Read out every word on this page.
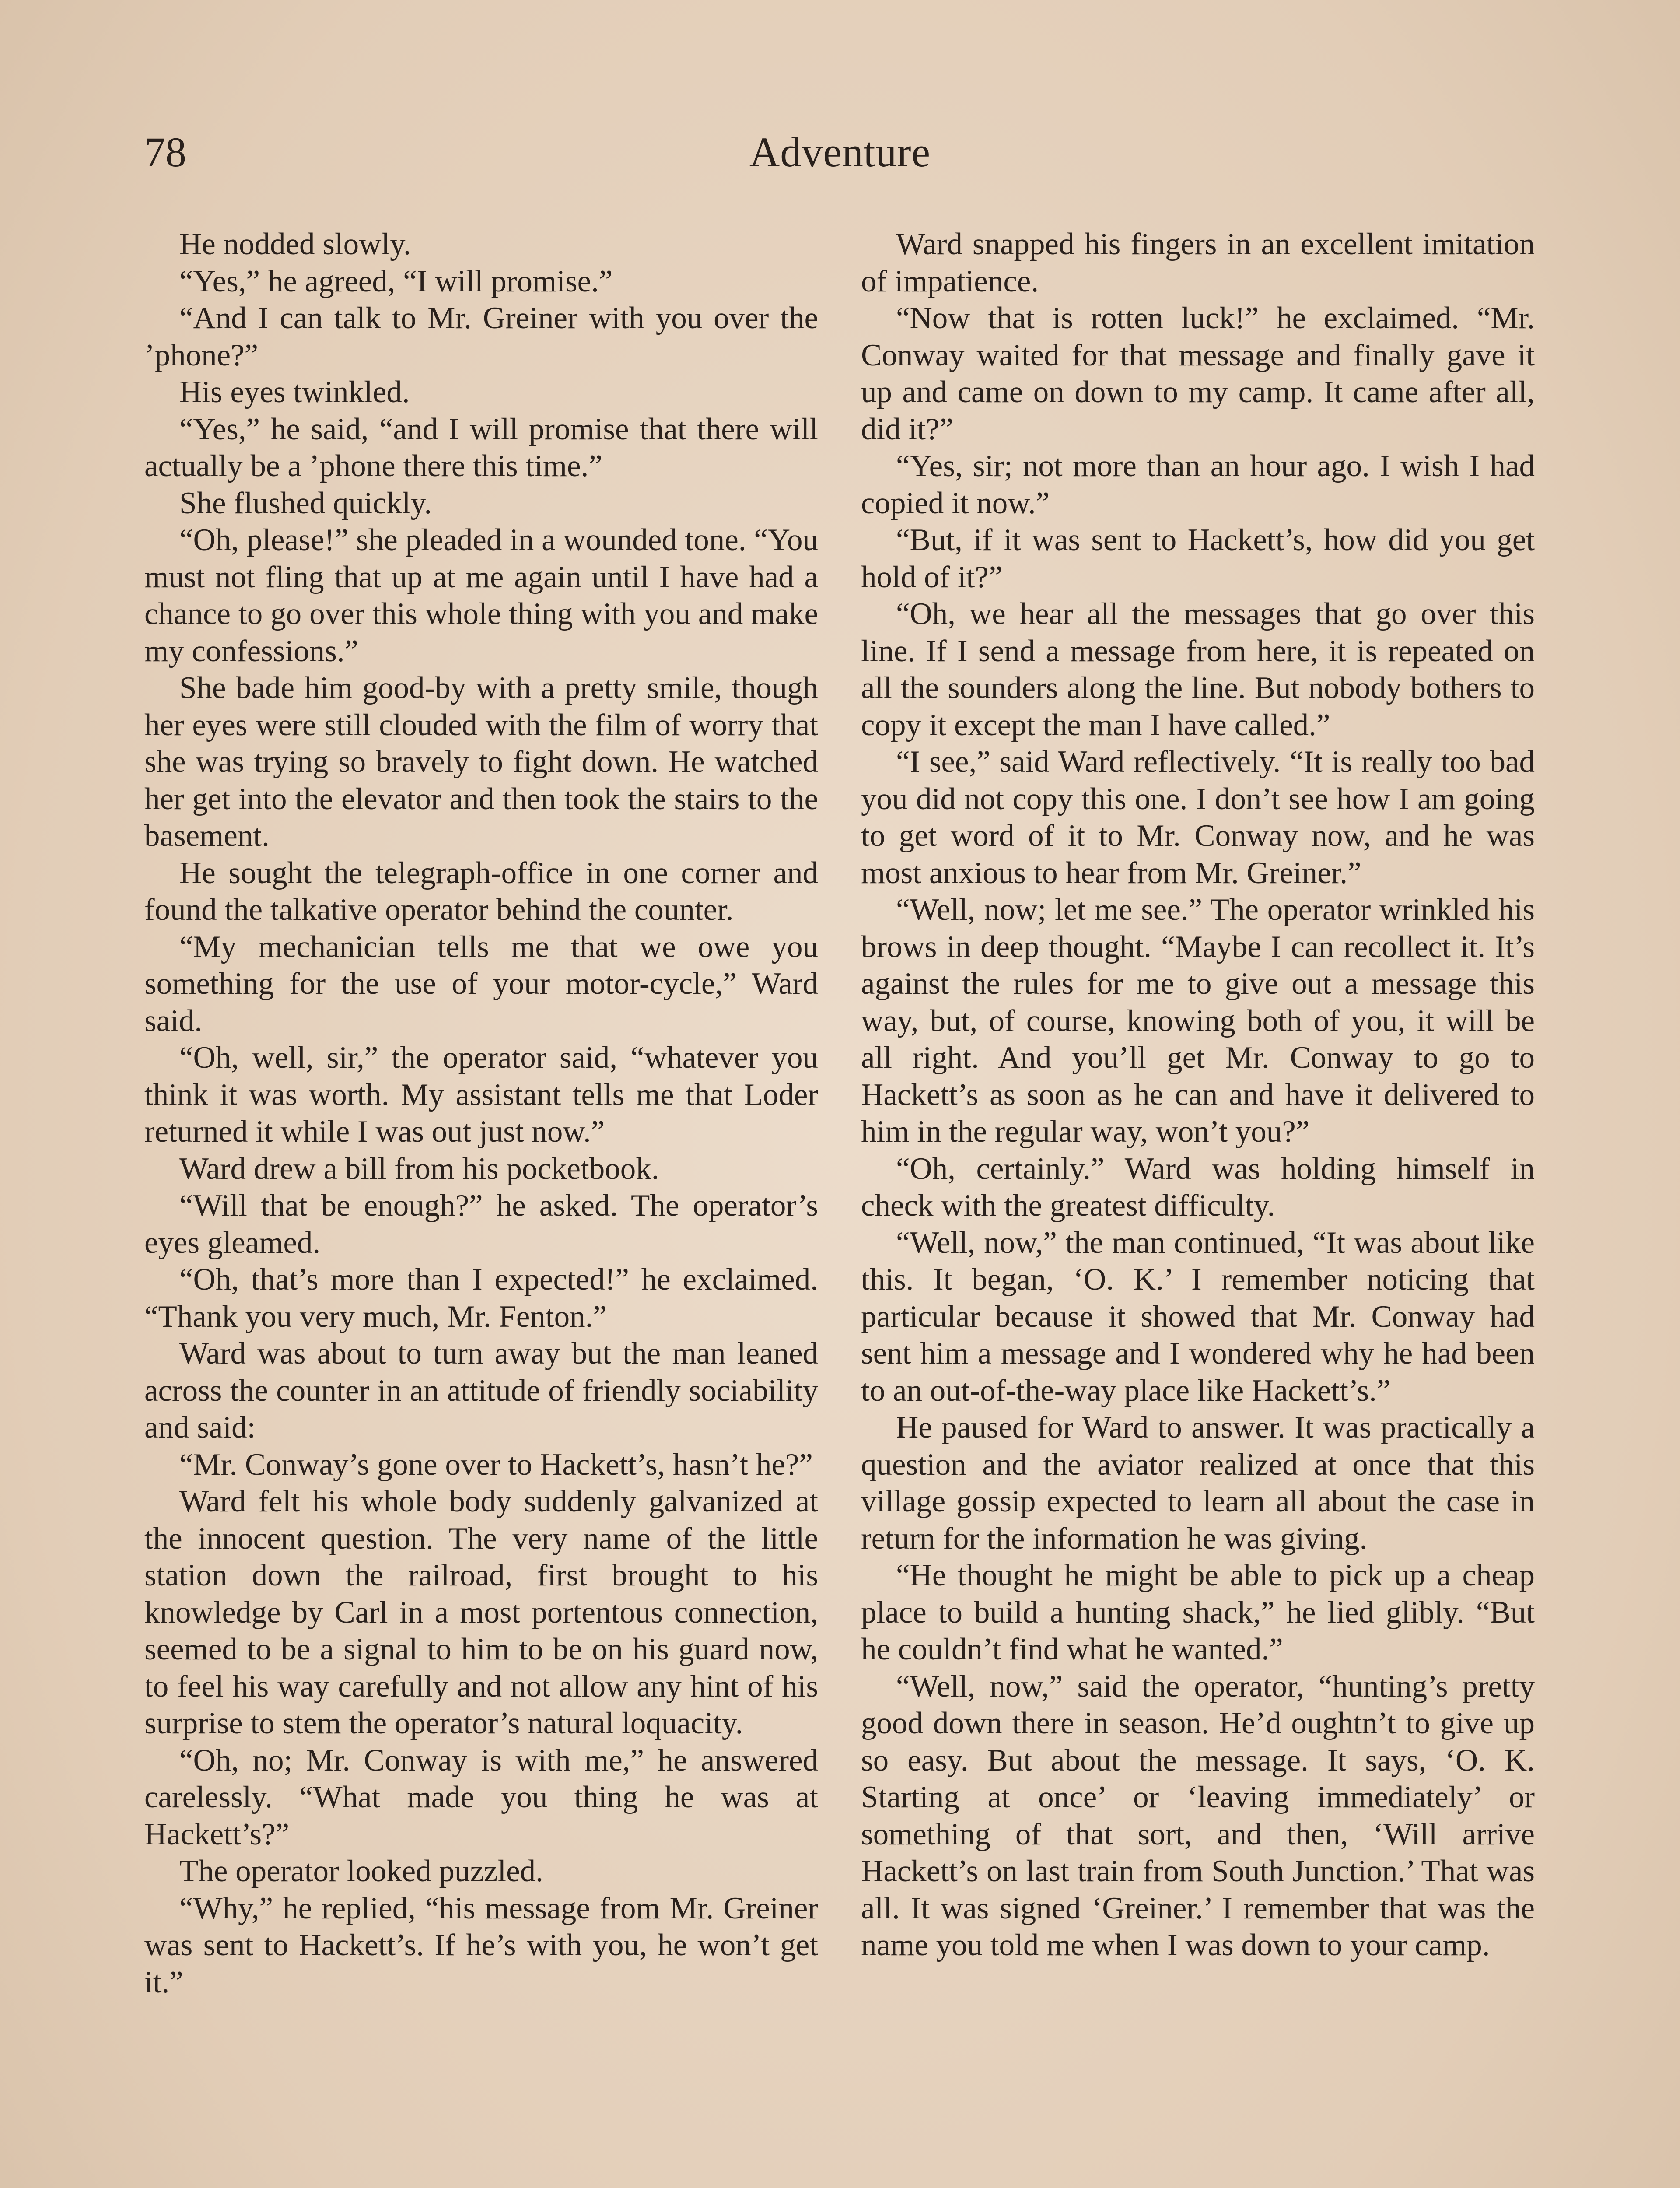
78	Adventure

He nodded slowly.

“Yes,” he agreed, “I will promise.”

“And I can talk to Mr. Greiner with you over the ’phone?”

His eyes twinkled.

“Yes,” he said, “and I will promise that there will actually be a ’phone there this time.”

She flushed quickly.

“Oh, please!” she pleaded in a wounded tone. “You must not fling that up at me again until I have had a chance to go over this whole thing with you and make my confessions.”

She bade him good-by with a pretty smile, though her eyes were still clouded with the film of worry that she was trying so bravely to fight down. He watched her get into the elevator and then took the stairs to the basement.

He sought the telegraph-office in one corner and found the talkative operator behind the counter.

“My mechanician tells me that we owe you something for the use of your motor-cycle,” Ward said.

“Oh, well, sir,” the operator said, “whatever you think it was worth. My assistant tells me that Loder returned it while I was out just now.”

Ward drew a bill from his pocketbook.

“Will that be enough?” he asked. The operator’s eyes gleamed.

“Oh, that’s more than I expected!” he exclaimed. “Thank you very much, Mr. Fenton.”

Ward was about to turn away but the man leaned across the counter in an attitude of friendly sociability and said:

“Mr. Conway’s gone over to Hackett’s, hasn’t he?”

Ward felt his whole body suddenly galvanized at the innocent question. The very name of the little station down the railroad, first brought to his knowledge by Carl in a most portentous connection, seemed to be a signal to him to be on his guard now, to feel his way carefully and not allow any hint of his surprise to stem the operator’s natural loquacity.

“Oh, no; Mr. Conway is with me,” he answered carelessly. “What made you thing he was at Hackett’s?”

The operator looked puzzled.

“Why,” he replied, “his message from Mr. Greiner was sent to Hackett’s. If he’s with you, he won’t get it.”

Ward snapped his fingers in an excellent imitation of impatience.

“Now that is rotten luck!” he exclaimed. “Mr. Conway waited for that message and finally gave it up and came on down to my camp. It came after all, did it?”

“Yes, sir; not more than an hour ago. I wish I had copied it now.”

“But, if it was sent to Hackett’s, how did you get hold of it?”

“Oh, we hear all the messages that go over this line. If I send a message from here, it is repeated on all the sounders along the line. But nobody bothers to copy it except the man I have called.”

“I see,” said Ward reflectively. “It is really too bad you did not copy this one. I don’t see how I am going to get word of it to Mr. Conway now, and he was most anxious to hear from Mr. Greiner.”

“Well, now; let me see.” The operator wrinkled his brows in deep thought. “Maybe I can recollect it. It’s against the rules for me to give out a message this way, but, of course, knowing both of you, it will be all right. And you’ll get Mr. Conway to go to Hackett’s as soon as he can and have it delivered to him in the regular way, won’t you?”

“Oh, certainly.” Ward was holding himself in check with the greatest difficulty.

“Well, now,” the man continued, “It was about like this. It began, ‘O. K.’ I remember noticing that particular because it showed that Mr. Conway had sent him a message and I wondered why he had been to an out-of-the-way place like Hackett’s.”

He paused for Ward to answer. It was practically a question and the aviator realized at once that this village gossip expected to learn all about the case in return for the information he was giving.

“He thought he might be able to pick up a cheap place to build a hunting shack,” he lied glibly. “But he couldn’t find what he wanted.”

“Well, now,” said the operator, “hunting’s pretty good down there in season. He’d oughtn’t to give up so easy. But about the message. It says, ‘O. K. Starting at once’ or ‘leaving immediately’ or something of that sort, and then, ‘Will arrive Hackett’s on last train from South Junction.’ That was all. It was signed ‘Greiner.’ I remember that was the name you told me when I was down to your camp.
